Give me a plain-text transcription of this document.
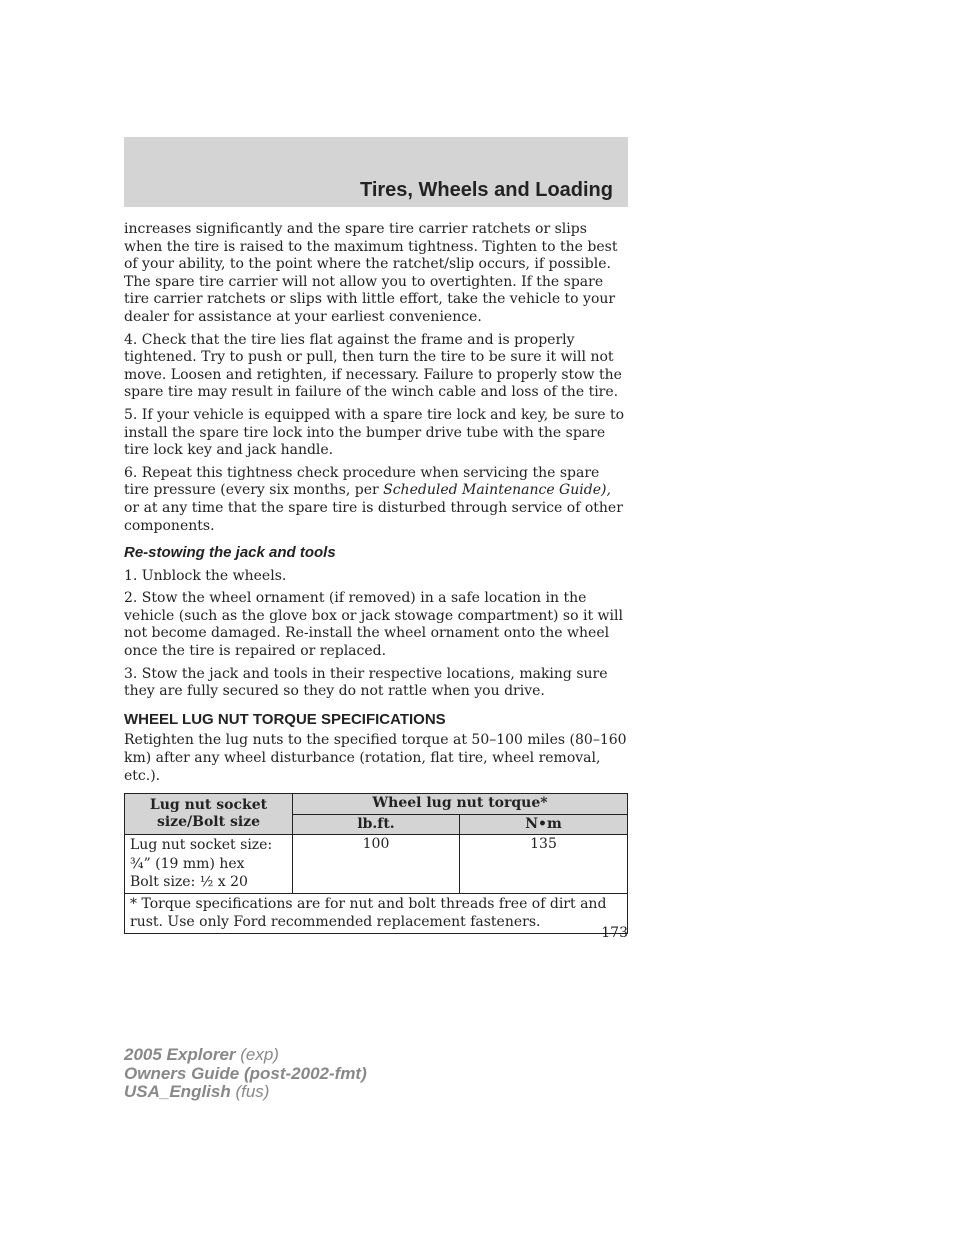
Tires, Wheels and Loading

increases significantly and the spare tire carrier ratchets or slips when the tire is raised to the maximum tightness. Tighten to the best of your ability, to the point where the ratchet/slip occurs, if possible. The spare tire carrier will not allow you to overtighten. If the spare tire carrier ratchets or slips with little effort, take the vehicle to your dealer for assistance at your earliest convenience.

4. Check that the tire lies flat against the frame and is properly tightened. Try to push or pull, then turn the tire to be sure it will not move. Loosen and retighten, if necessary. Failure to properly stow the spare tire may result in failure of the winch cable and loss of the tire.

5. If your vehicle is equipped with a spare tire lock and key, be sure to install the spare tire lock into the bumper drive tube with the spare tire lock key and jack handle.

6. Repeat this tightness check procedure when servicing the spare tire pressure (every six months, per Scheduled Maintenance Guide), or at any time that the spare tire is disturbed through service of other components.

Re-stowing the jack and tools

1. Unblock the wheels.

2. Stow the wheel ornament (if removed) in a safe location in the vehicle (such as the glove box or jack stowage compartment) so it will not become damaged. Re-install the wheel ornament onto the wheel once the tire is repaired or replaced.

3. Stow the jack and tools in their respective locations, making sure they are fully secured so they do not rattle when you drive.

WHEEL LUG NUT TORQUE SPECIFICATIONS

Retighten the lug nuts to the specified torque at 50–100 miles (80–160 km) after any wheel disturbance (rotation, flat tire, wheel removal, etc.).

Lug nut socket size/Bolt size	Wheel lug nut torque*	
	lb.ft.	N•m

Lug nut socket size:
¾” (19 mm) hex
Bolt size: ½ x 20	100	135
* Torque specifications are for nut and bolt threads free of dirt and rust. Use only Ford recommended replacement fasteners.		
173
2005 Explorer (exp)
Owners Guide (post-2002-fmt)
USA_English (fus)
